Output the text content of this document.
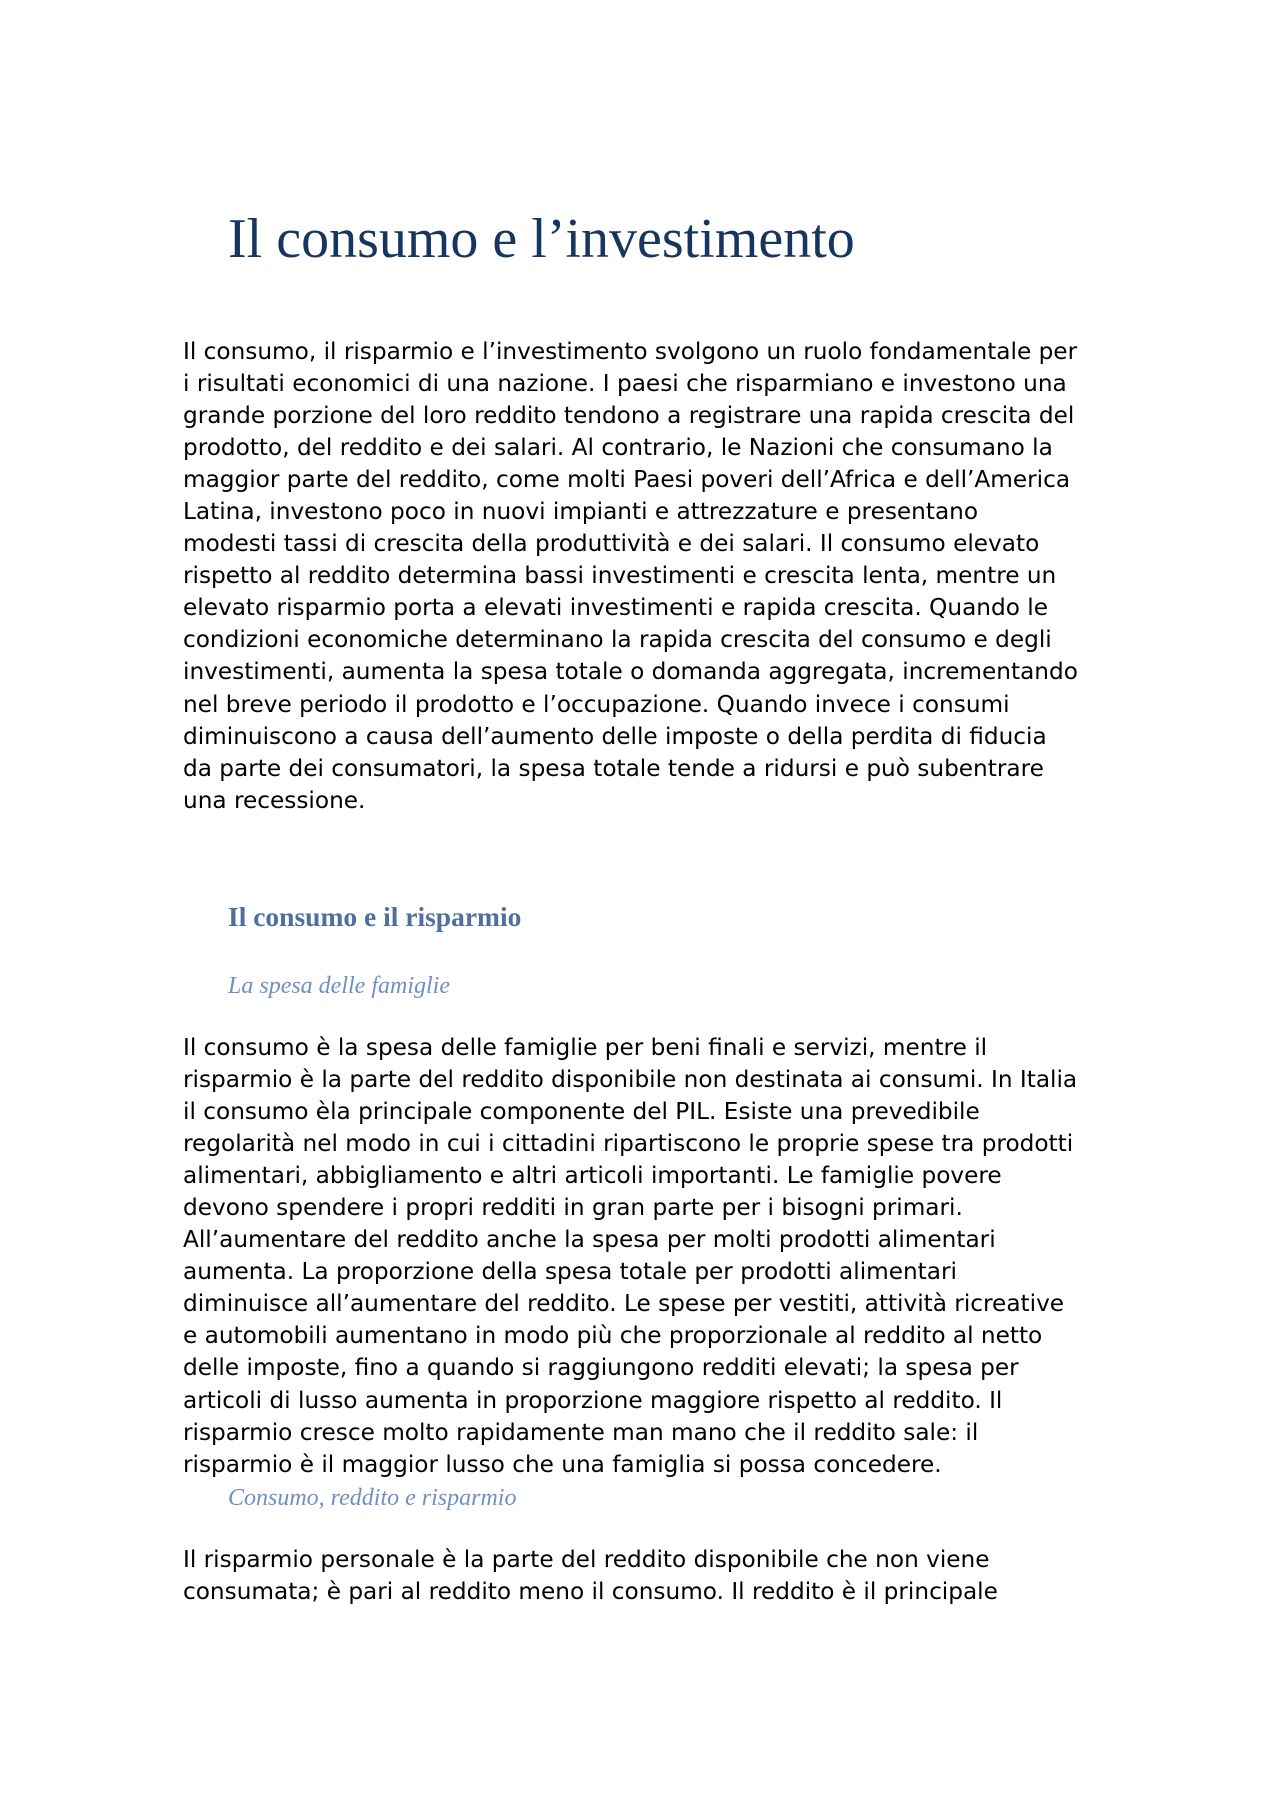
Il consumo e l’investimento

Il consumo, il risparmio e l’investimento svolgono un ruolo fondamentale per
i risultati economici di una nazione. I paesi che risparmiano e investono una
grande porzione del loro reddito tendono a registrare una rapida crescita del
prodotto, del reddito e dei salari. Al contrario, le Nazioni che consumano la
maggior parte del reddito, come molti Paesi poveri dell’Africa e dell’America
Latina, investono poco in nuovi impianti e attrezzature e presentano
modesti tassi di crescita della produttività e dei salari. Il consumo elevato
rispetto al reddito determina bassi investimenti e crescita lenta, mentre un
elevato risparmio porta a elevati investimenti e rapida crescita. Quando le
condizioni economiche determinano la rapida crescita del consumo e degli
investimenti, aumenta la spesa totale o domanda aggregata, incrementando
nel breve periodo il prodotto e l’occupazione. Quando invece i consumi
diminuiscono a causa dell’aumento delle imposte o della perdita di fiducia
da parte dei consumatori, la spesa totale tende a ridursi e può subentrare
una recessione.

Il consumo e il risparmio
La spesa delle famiglie

Il consumo è la spesa delle famiglie per beni finali e servizi, mentre il
risparmio è la parte del reddito disponibile non destinata ai consumi. In Italia
il consumo èla principale componente del PIL. Esiste una prevedibile
regolarità nel modo in cui i cittadini ripartiscono le proprie spese tra prodotti
alimentari, abbigliamento e altri articoli importanti. Le famiglie povere
devono spendere i propri redditi in gran parte per i bisogni primari.
All’aumentare del reddito anche la spesa per molti prodotti alimentari
aumenta. La proporzione della spesa totale per prodotti alimentari
diminuisce all’aumentare del reddito. Le spese per vestiti, attività ricreative
e automobili aumentano in modo più che proporzionale al reddito al netto
delle imposte, fino a quando si raggiungono redditi elevati; la spesa per
articoli di lusso aumenta in proporzione maggiore rispetto al reddito. Il
risparmio cresce molto rapidamente man mano che il reddito sale: il
risparmio è il maggior lusso che una famiglia si possa concedere.

Consumo, reddito e risparmio

Il risparmio personale è la parte del reddito disponibile che non viene
consumata; è pari al reddito meno il consumo. Il reddito è il principale
